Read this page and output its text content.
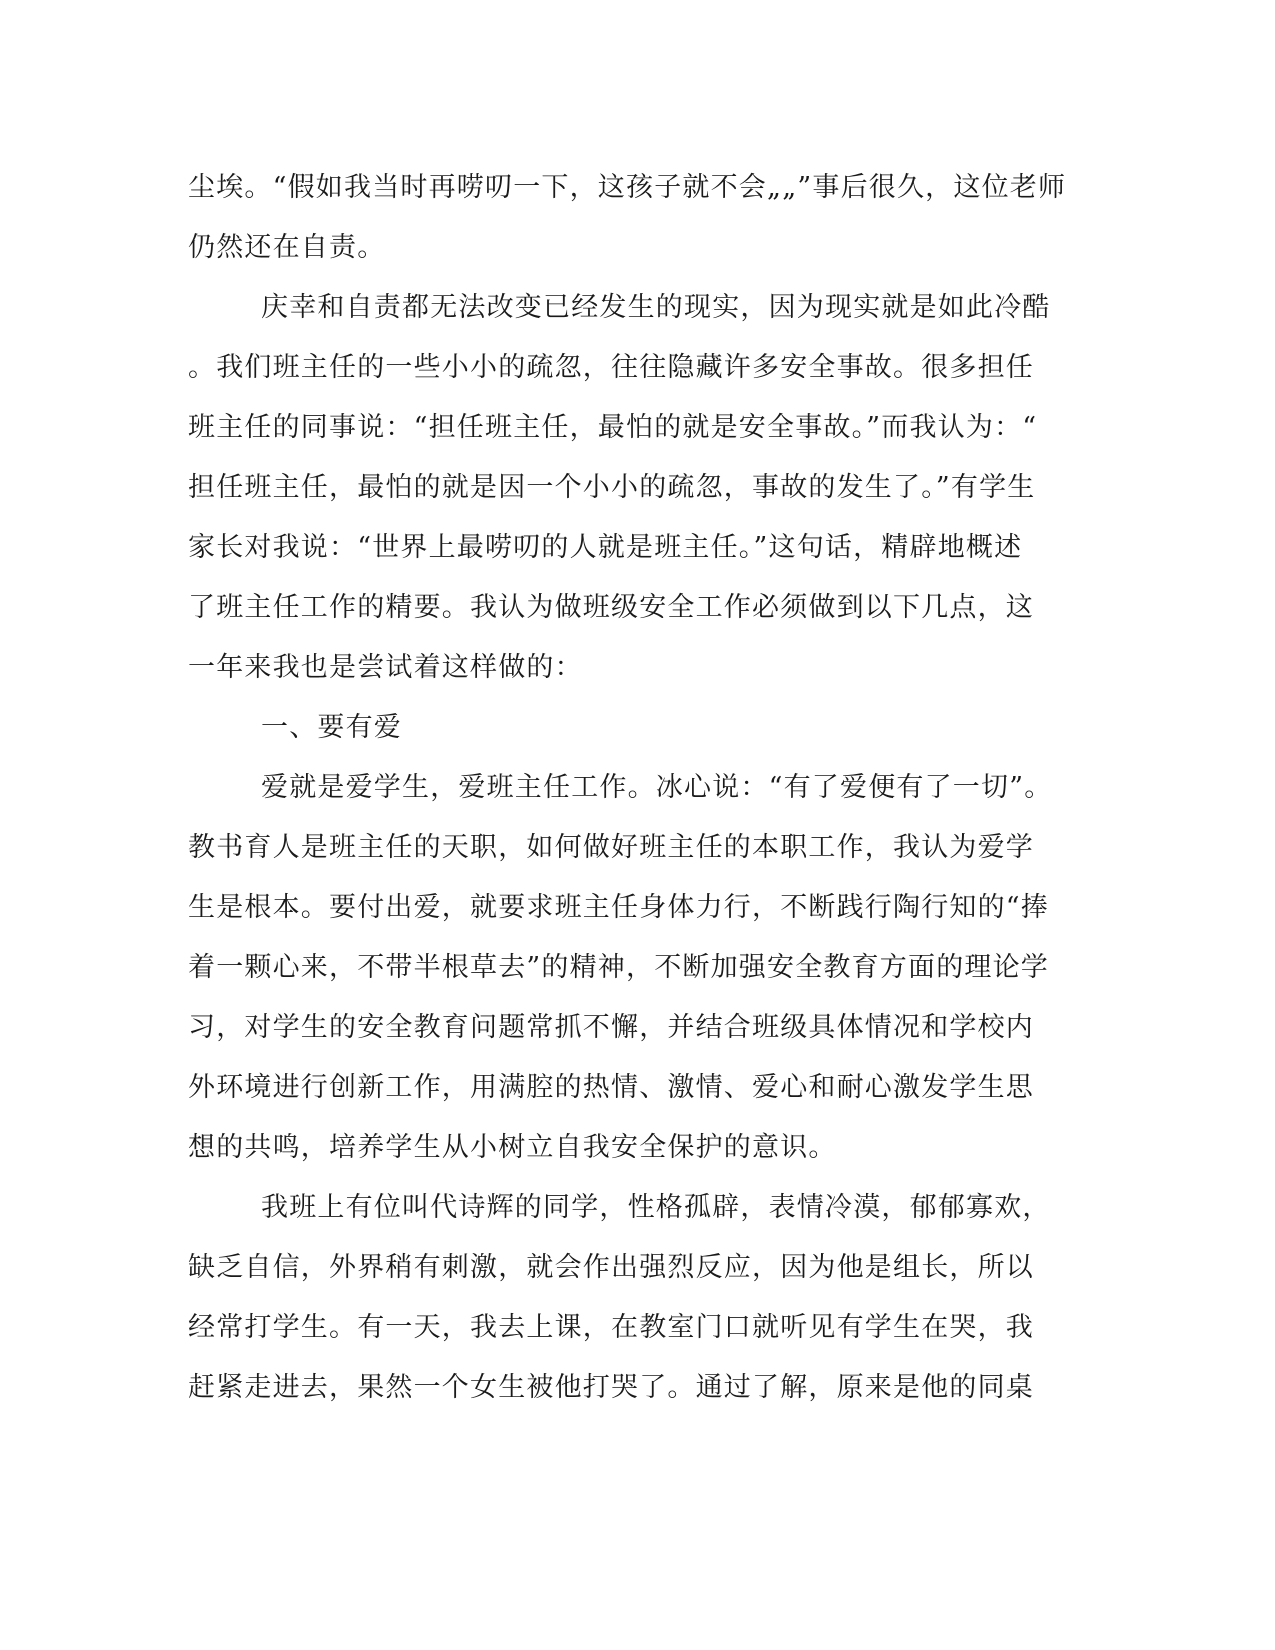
尘埃。“假如我当时再唠叨一下，这孩子就不会„„”事后很久，这位老师
仍然还在自责。
庆幸和自责都无法改变已经发生的现实，因为现实就是如此冷酷
。我们班主任的一些小小的疏忽，往往隐藏许多安全事故。很多担任
班主任的同事说：“担任班主任，最怕的就是安全事故。”而我认为：“
担任班主任，最怕的就是因一个小小的疏忽，事故的发生了。”有学生
家长对我说：“世界上最唠叨的人就是班主任。”这句话，精辟地概述
了班主任工作的精要。我认为做班级安全工作必须做到以下几点，这
一年来我也是尝试着这样做的：
一、要有爱
爱就是爱学生，爱班主任工作。冰心说：“有了爱便有了一切”。
教书育人是班主任的天职，如何做好班主任的本职工作，我认为爱学
生是根本。要付出爱，就要求班主任身体力行，不断践行陶行知的“捧
着一颗心来，不带半根草去”的精神，不断加强安全教育方面的理论学
习，对学生的安全教育问题常抓不懈，并结合班级具体情况和学校内
外环境进行创新工作，用满腔的热情、激情、爱心和耐心激发学生思
想的共鸣，培养学生从小树立自我安全保护的意识。
我班上有位叫代诗辉的同学，性格孤辟，表情冷漠，郁郁寡欢，
缺乏自信，外界稍有刺激，就会作出强烈反应，因为他是组长，所以
经常打学生。有一天，我去上课，在教室门口就听见有学生在哭，我
赶紧走进去，果然一个女生被他打哭了。通过了解，原来是他的同桌
